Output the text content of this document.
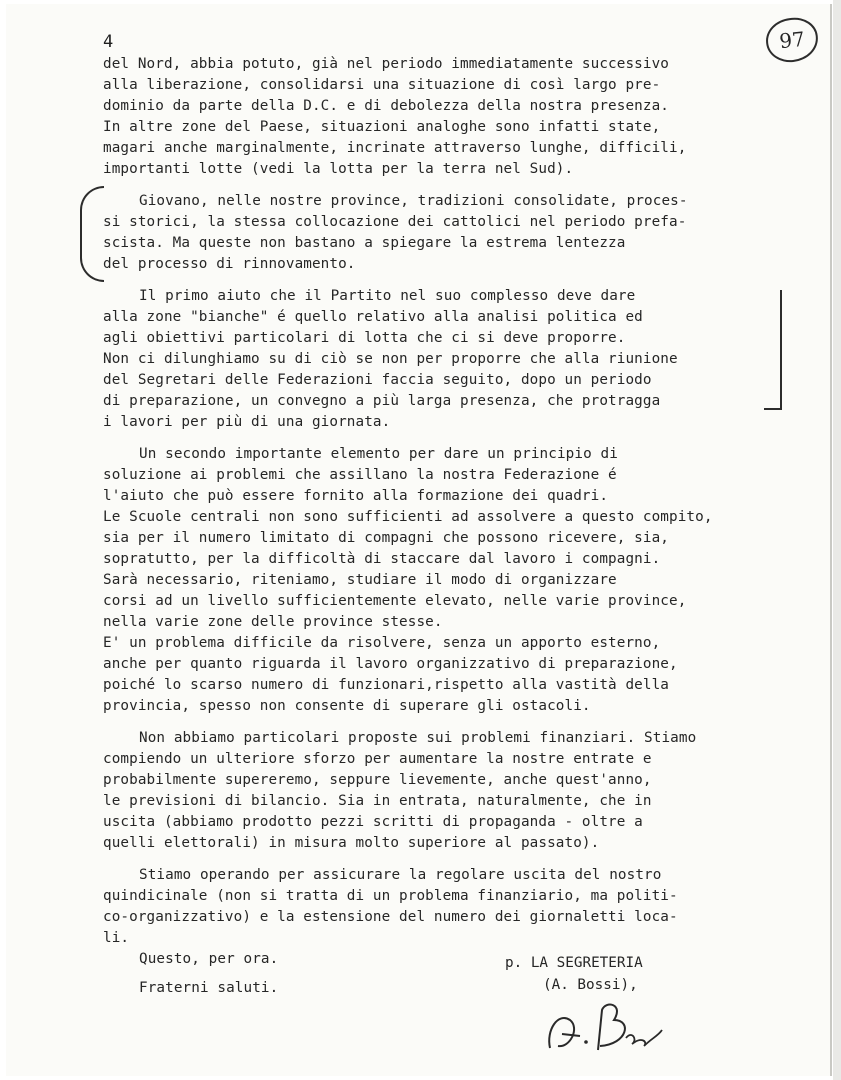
4	97
del Nord, abbia potuto, già nel periodo immediatamente successivo
alla liberazione, consolidarsi una situazione di così largo pre-
dominio da parte della D.C. e di debolezza della nostra presenza.
In altre zone del Paese, situazioni analoghe sono infatti state,
magari anche marginalmente, incrinate attraverso lunghe, difficili,
importanti lotte (vedi la lotta per la terra nel Sud).
Giovano, nelle nostre province, tradizioni consolidate, proces-
si storici, la stessa collocazione dei cattolici nel periodo prefa-
scista. Ma queste non bastano a spiegare la estrema lentezza
del processo di rinnovamento.
Il primo aiuto che il Partito nel suo complesso deve dare
alla zone "bianche" é quello relativo alla analisi politica ed
agli obiettivi particolari di lotta che ci si deve proporre.
Non ci dilunghiamo su di ciò se non per proporre che alla riunione
del Segretari delle Federazioni faccia seguito, dopo un periodo
di preparazione, un convegno a più larga presenza, che protragga
i lavori per più di una giornata.
Un secondo importante elemento per dare un principio di
soluzione ai problemi che assillano la nostra Federazione é
l'aiuto che può essere fornito alla formazione dei quadri.
Le Scuole centrali non sono sufficienti ad assolvere a questo compito,
sia per il numero limitato di compagni che possono ricevere, sia,
sopratutto, per la difficoltà di staccare dal lavoro i compagni.
Sarà necessario, riteniamo, studiare il modo di organizzare
corsi ad un livello sufficientemente elevato, nelle varie province,
nella varie zone delle province stesse.
E' un problema difficile da risolvere, senza un apporto esterno,
anche per quanto riguarda il lavoro organizzativo di preparazione,
poiché lo scarso numero di funzionari,rispetto alla vastità della
provincia, spesso non consente di superare gli ostacoli.
Non abbiamo particolari proposte sui problemi finanziari. Stiamo
compiendo un ulteriore sforzo per aumentare la nostre entrate e
probabilmente supereremo, seppure lievemente, anche quest'anno,
le previsioni di bilancio. Sia in entrata, naturalmente, che in
uscita (abbiamo prodotto pezzi scritti di propaganda - oltre a
quelli elettorali) in misura molto superiore al passato).
Stiamo operando per assicurare la regolare uscita del nostro
quindicinale (non si tratta di un problema finanziario, ma politi-
co-organizzativo) e la estensione del numero dei giornaletti loca-
li.
Questo, per ora.
Fraterni saluti.
p. LA SEGRETERIA
(A. Bossi),
